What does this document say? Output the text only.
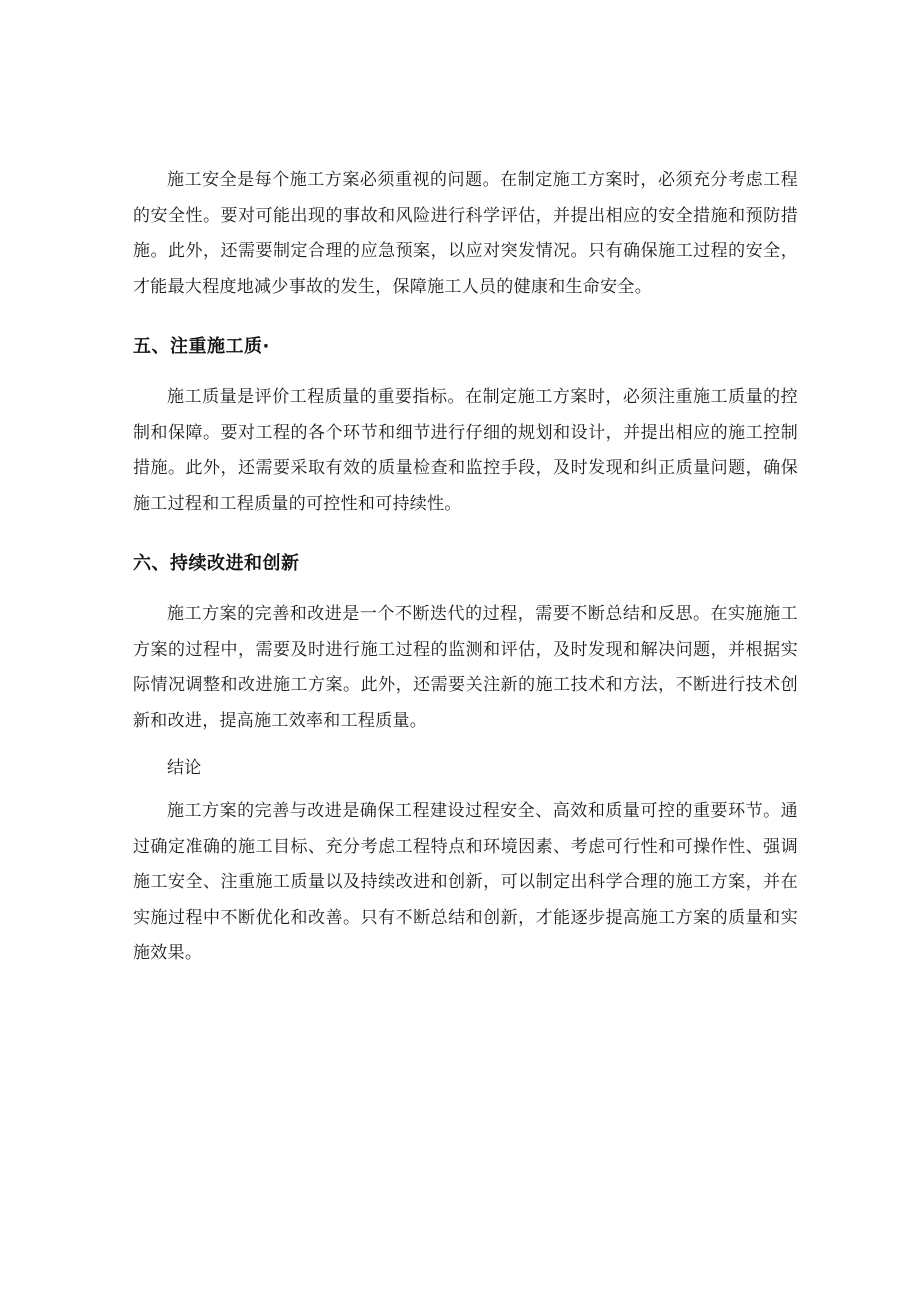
施工安全是每个施工方案必须重视的问题。在制定施工方案时，必须充分考虑工程的安全性。要对可能出现的事故和风险进行科学评估，并提出相应的安全措施和预防措施。此外，还需要制定合理的应急预案，以应对突发情况。只有确保施工过程的安全，才能最大程度地减少事故的发生，保障施工人员的健康和生命安全。

五、注重施工质·

施工质量是评价工程质量的重要指标。在制定施工方案时，必须注重施工质量的控制和保障。要对工程的各个环节和细节进行仔细的规划和设计，并提出相应的施工控制措施。此外，还需要采取有效的质量检查和监控手段，及时发现和纠正质量问题，确保施工过程和工程质量的可控性和可持续性。

六、持续改进和创新

施工方案的完善和改进是一个不断迭代的过程，需要不断总结和反思。在实施施工方案的过程中，需要及时进行施工过程的监测和评估，及时发现和解决问题，并根据实际情况调整和改进施工方案。此外，还需要关注新的施工技术和方法，不断进行技术创新和改进，提高施工效率和工程质量。

结论

施工方案的完善与改进是确保工程建设过程安全、高效和质量可控的重要环节。通过确定准确的施工目标、充分考虑工程特点和环境因素、考虑可行性和可操作性、强调施工安全、注重施工质量以及持续改进和创新，可以制定出科学合理的施工方案，并在实施过程中不断优化和改善。只有不断总结和创新，才能逐步提高施工方案的质量和实施效果。
